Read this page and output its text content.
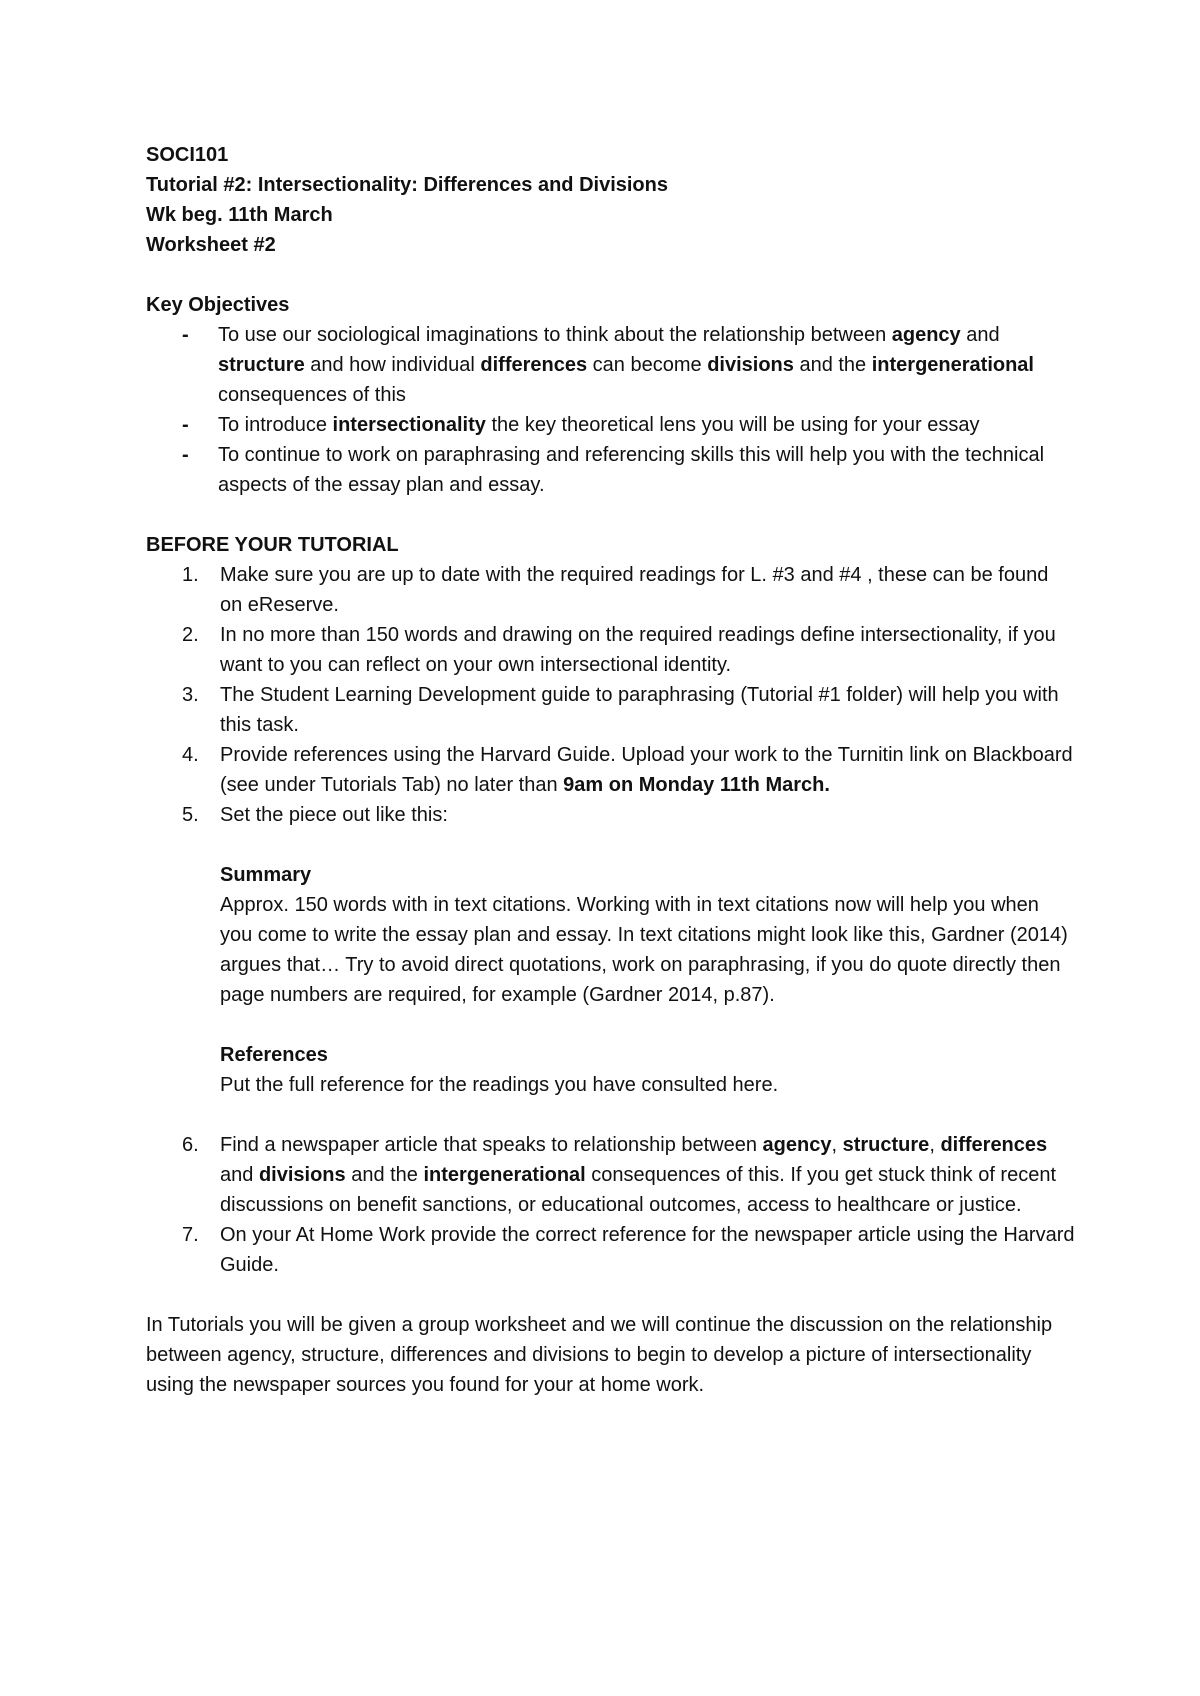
SOCI101
Tutorial #2: Intersectionality: Differences and Divisions
Wk beg. 11th March
Worksheet #2
Key Objectives
- To use our sociological imaginations to think about the relationship between agency and structure and how individual differences can become divisions and the intergenerational consequences of this
- To introduce intersectionality the key theoretical lens you will be using for your essay
- To continue to work on paraphrasing and referencing skills this will help you with the technical aspects of the essay plan and essay.
BEFORE YOUR TUTORIAL
1.	Make sure you are up to date with the required readings for L. #3 and #4 , these can be found on eReserve.
2.	In no more than 150 words and drawing on the required readings define intersectionality, if you want to you can reflect on your own intersectional identity.
3.	The Student Learning Development guide to paraphrasing (Tutorial #1 folder) will help you with this task.
4.	Provide references using the Harvard Guide. Upload your work to the Turnitin link on Blackboard (see under Tutorials Tab) no later than 9am on Monday 11th March.
5.	Set the piece out like this:
Summary

Approx. 150 words with in text citations. Working with in text citations now will help you when you come to write the essay plan and essay. In text citations might look like this, Gardner (2014) argues that… Try to avoid direct quotations, work on paraphrasing, if you do quote directly then page numbers are required, for example (Gardner 2014, p.87).

References

Put the full reference for the readings you have consulted here.

6.	Find a newspaper article that speaks to relationship between agency, structure, differences and divisions and the intergenerational consequences of this. If you get stuck think of recent discussions on benefit sanctions, or educational outcomes, access to healthcare or justice.
7.	On your At Home Work provide the correct reference for the newspaper article using the Harvard Guide.

In Tutorials you will be given a group worksheet and we will continue the discussion on the relationship between agency, structure, differences and divisions to begin to develop a picture of intersectionality using the newspaper sources you found for your at home work.
